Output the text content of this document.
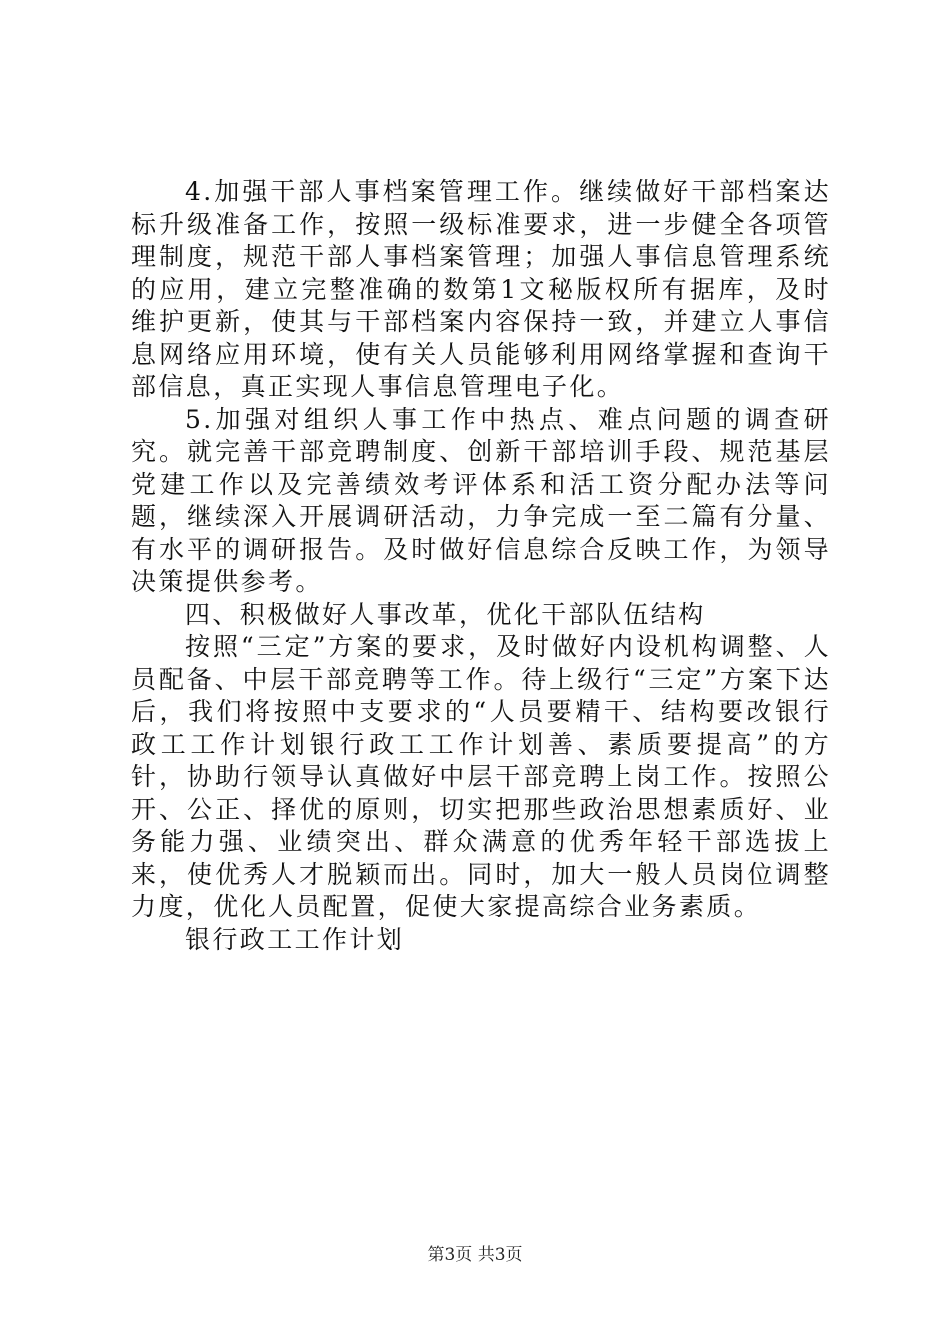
4.加强干部人事档案管理工作。继续做好干部档案达标升级准备工作，按照一级标准要求，进一步健全各项管理制度，规范干部人事档案管理；加强人事信息管理系统的应用，建立完整准确的数第1文秘版权所有据库，及时维护更新，使其与干部档案内容保持一致，并建立人事信息网络应用环境，使有关人员能够利用网络掌握和查询干部信息，真正实现人事信息管理电子化。

5.加强对组织人事工作中热点、难点问题的调查研究。就完善干部竞聘制度、创新干部培训手段、规范基层党建工作以及完善绩效考评体系和活工资分配办法等问题，继续深入开展调研活动，力争完成一至二篇有分量、有水平的调研报告。及时做好信息综合反映工作，为领导决策提供参考。

四、积极做好人事改革，优化干部队伍结构

按照“三定”方案的要求，及时做好内设机构调整、人员配备、中层干部竞聘等工作。待上级行“三定”方案下达后，我们将按照中支要求的“人员要精干、结构要改银行政工工作计划银行政工工作计划善、素质要提高”的方针，协助行领导认真做好中层干部竞聘上岗工作。按照公开、公正、择优的原则，切实把那些政治思想素质好、业务能力强、业绩突出、群众满意的优秀年轻干部选拔上来，使优秀人才脱颖而出。同时，加大一般人员岗位调整力度，优化人员配置，促使大家提高综合业务素质。

银行政工工作计划

第3页 共3页
